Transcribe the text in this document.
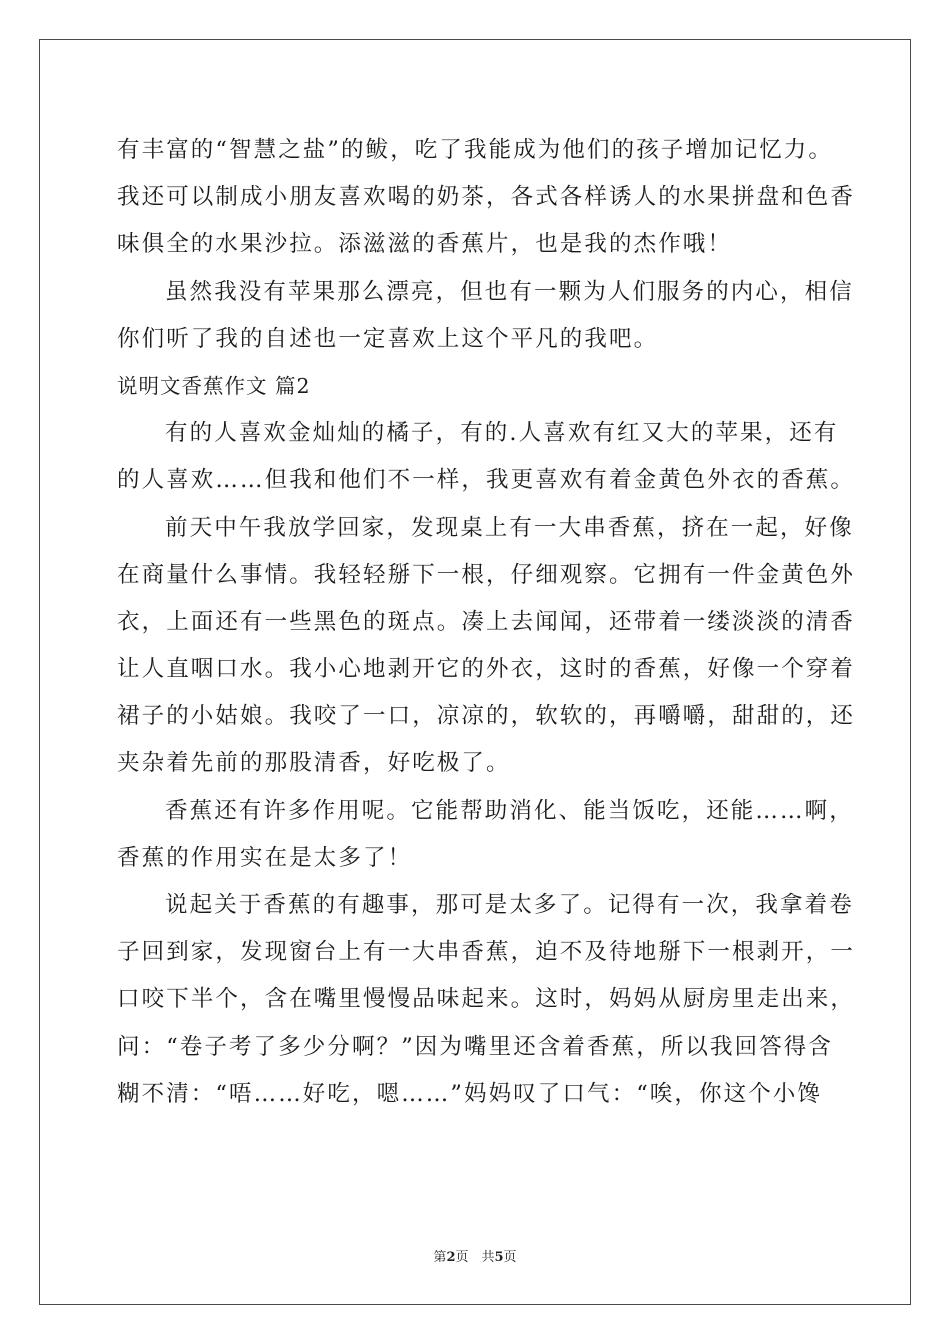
有丰富的“智慧之盐”的鲅，吃了我能成为他们的孩子增加记忆力。
我还可以制成小朋友喜欢喝的奶茶，各式各样诱人的水果拼盘和色香
味俱全的水果沙拉。添滋滋的香蕉片，也是我的杰作哦！
虽然我没有苹果那么漂亮，但也有一颗为人们服务的内心，相信
你们听了我的自述也一定喜欢上这个平凡的我吧。
说明文香蕉作文 篇2
有的人喜欢金灿灿的橘子，有的.人喜欢有红又大的苹果，还有
的人喜欢……但我和他们不一样，我更喜欢有着金黄色外衣的香蕉。
前天中午我放学回家，发现桌上有一大串香蕉，挤在一起，好像
在商量什么事情。我轻轻掰下一根，仔细观察。它拥有一件金黄色外
衣，上面还有一些黑色的斑点。凑上去闻闻，还带着一缕淡淡的清香
让人直咽口水。我小心地剥开它的外衣，这时的香蕉，好像一个穿着
裙子的小姑娘。我咬了一口，凉凉的，软软的，再嚼嚼，甜甜的，还
夹杂着先前的那股清香，好吃极了。
香蕉还有许多作用呢。它能帮助消化、能当饭吃，还能……啊，
香蕉的作用实在是太多了！
说起关于香蕉的有趣事，那可是太多了。记得有一次，我拿着卷
子回到家，发现窗台上有一大串香蕉，迫不及待地掰下一根剥开，一
口咬下半个，含在嘴里慢慢品味起来。这时，妈妈从厨房里走出来，
问：“卷子考了多少分啊？”因为嘴里还含着香蕉，所以我回答得含
糊不清：“唔……好吃，嗯……”妈妈叹了口气：“唉，你这个小馋
第2页　共5页
